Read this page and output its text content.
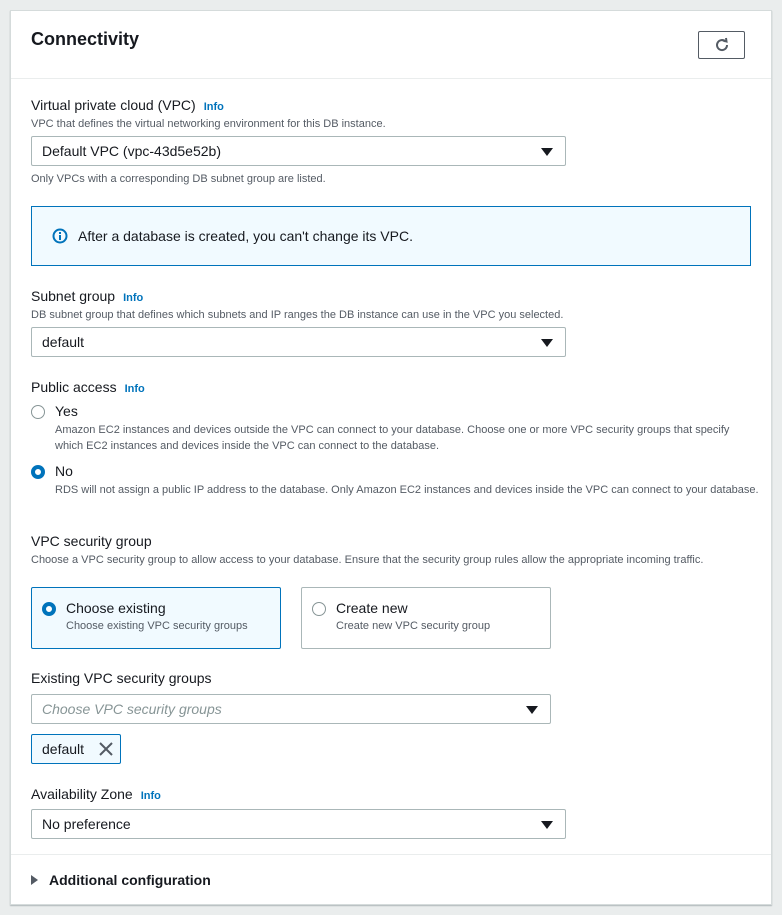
Connectivity
Virtual private cloud (VPC) Info
VPC that defines the virtual networking environment for this DB instance.
Default VPC (vpc-43d5e52b)
Only VPCs with a corresponding DB subnet group are listed.
After a database is created, you can't change its VPC.
Subnet group Info
DB subnet group that defines which subnets and IP ranges the DB instance can use in the VPC you selected.
default
Public access Info
Yes
Amazon EC2 instances and devices outside the VPC can connect to your database. Choose one or more VPC security groups that specify which EC2 instances and devices inside the VPC can connect to the database.
No
RDS will not assign a public IP address to the database. Only Amazon EC2 instances and devices inside the VPC can connect to your database.
VPC security group
Choose a VPC security group to allow access to your database. Ensure that the security group rules allow the appropriate incoming traffic.
Choose existing
Choose existing VPC security groups
Create new
Create new VPC security group
Existing VPC security groups
Choose VPC security groups
default
Availability Zone Info
No preference
Additional configuration
